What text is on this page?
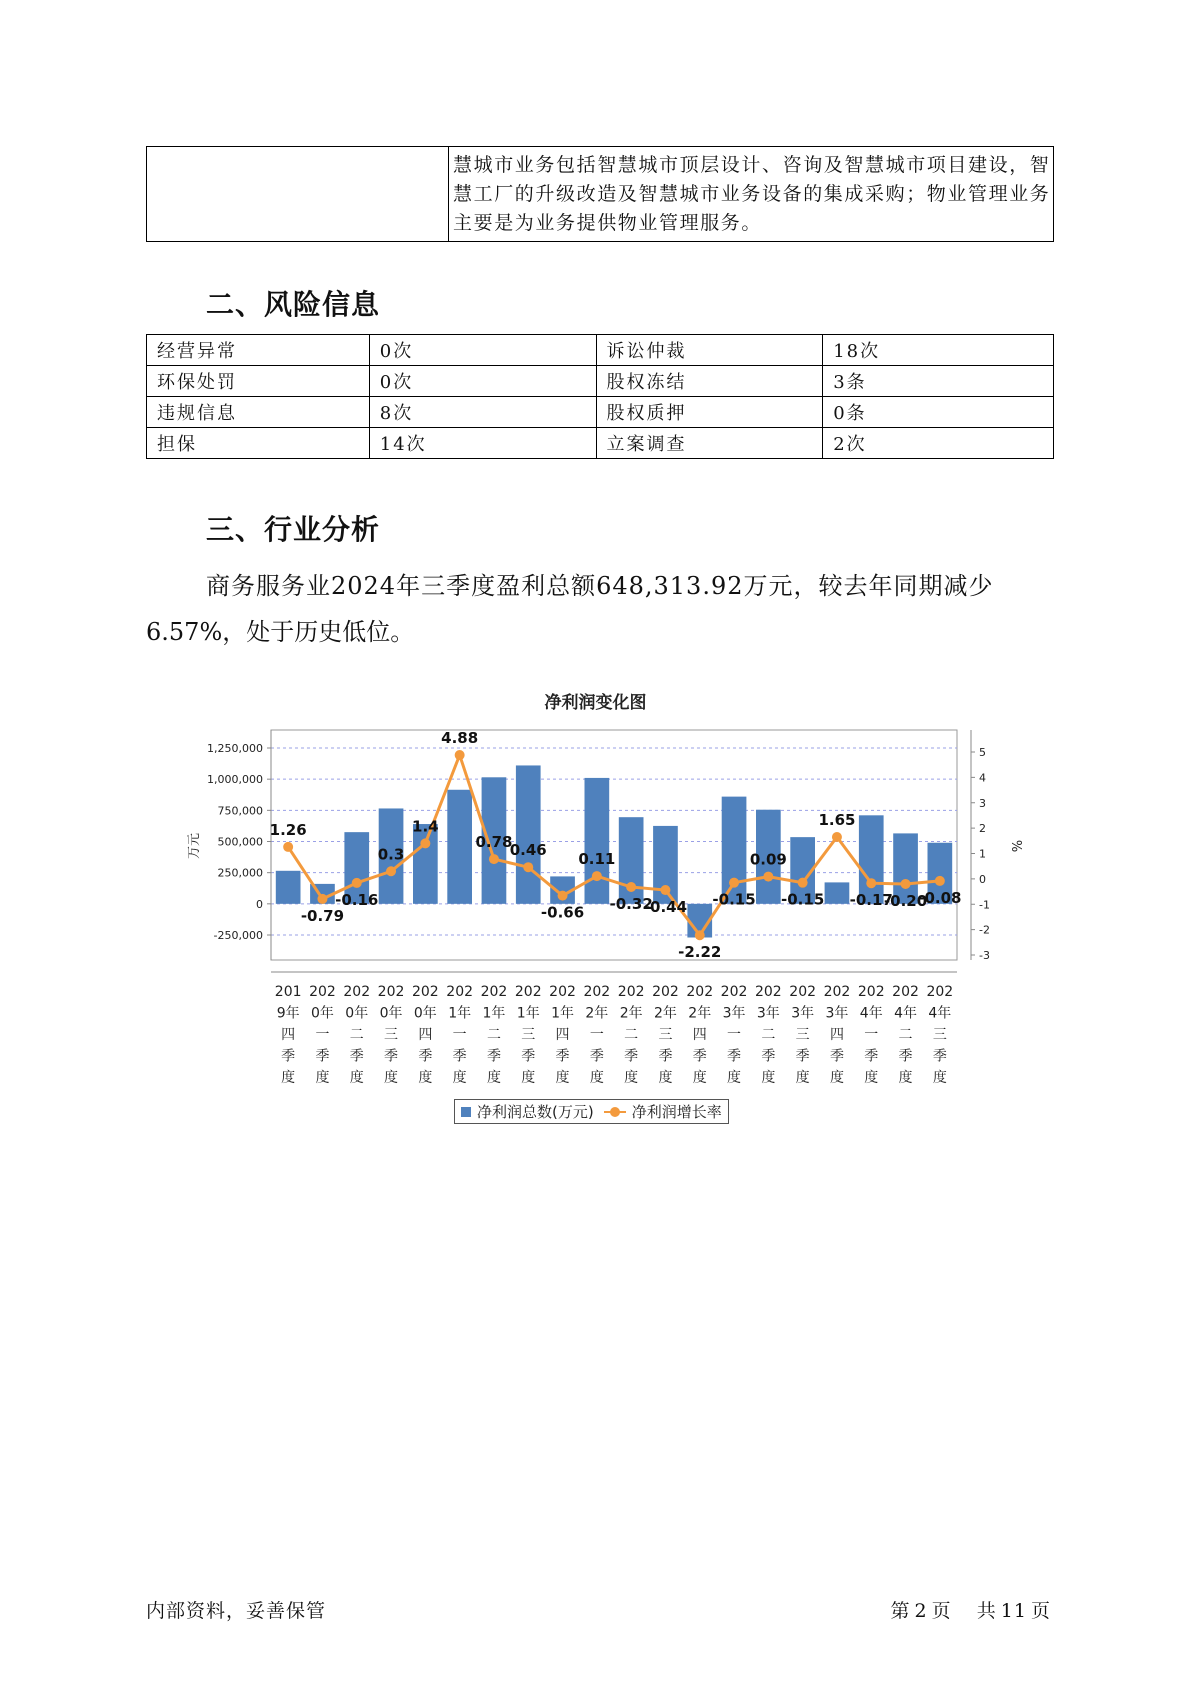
慧城市业务包括智慧城市顶层设计、咨询及智慧城市项目建设，智慧工厂的升级改造及智慧城市业务设备的集成采购；物业管理业务主要是为业务提供物业管理服务。
二、风险信息
经营异常	0次	诉讼仲裁	18次
环保处罚	0次	股权冻结	3条
违规信息	8次	股权质押	0条
担保	14次	立案调查	2次
三、行业分析
商务服务业2024年三季度盈利总额648,313.92万元，较去年同期减少
6.57%，处于历史低位。
净利润变化图
1,250,000
1,000,000
750,000
500,000
250,000
0
-250,000
万元
5
4
3
2
1
0
-1
-2
-3
%
1.26
-0.79
-0.16
0.3
1.4
4.88
0.78
0.46
-0.66
0.11
-0.32
-0.44
-2.22
-0.15
0.09
-0.15
1.65
-0.17
-0.20
-0.08
201
9年
四
季
度
202
0年
一
季
度
202
0年
二
季
度
202
0年
三
季
度
202
0年
四
季
度
202
1年
一
季
度
202
1年
二
季
度
202
1年
三
季
度
202
1年
四
季
度
202
2年
一
季
度
202
2年
二
季
度
202
2年
三
季
度
202
2年
四
季
度
202
3年
一
季
度
202
3年
二
季
度
202
3年
三
季
度
202
3年
四
季
度
202
4年
一
季
度
202
4年
二
季
度
202
4年
三
季
度
净利润总数(万元)	净利润增长率
内部资料，妥善保管	第 2 页 共 11 页
